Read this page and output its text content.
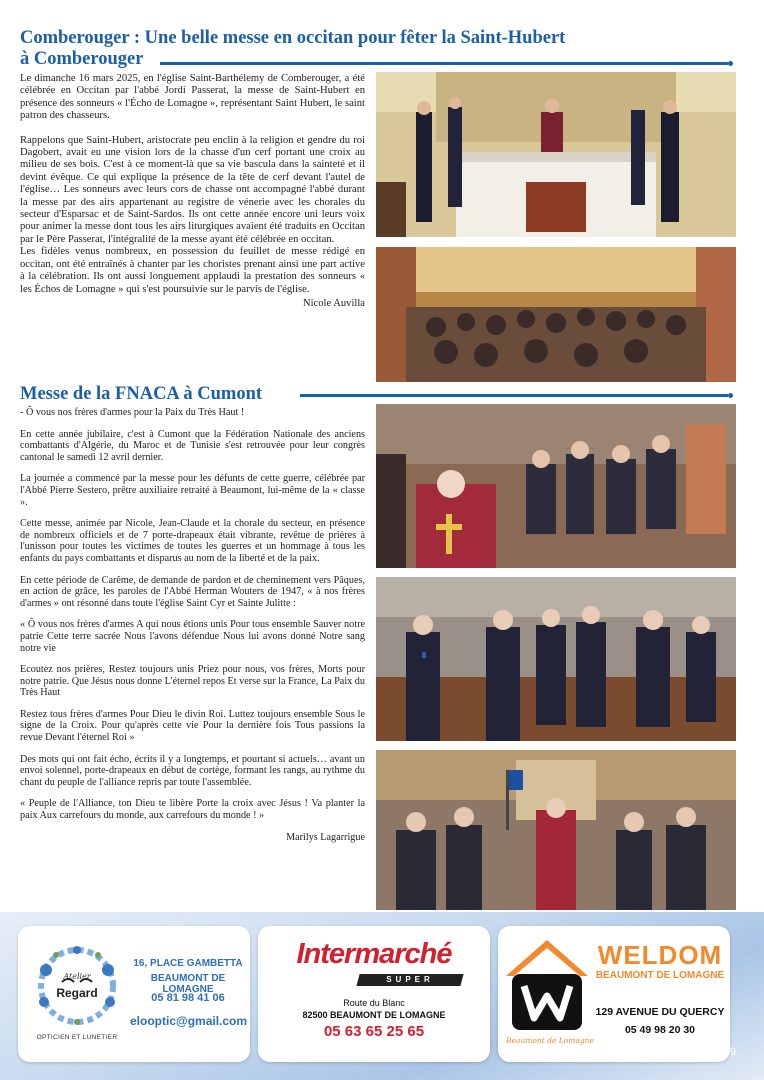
Comberouger : Une belle messe en occitan pour fêter la Saint-Hubert
à Comberouger

Le dimanche 16 mars 2025, en l'église Saint-Barthélemy de Comberouger, a été célébrée en Occitan par l'abbé Jordi Passerat, la messe de Saint-Hubert en présence des sonneurs « l'Écho de Lomagne », représentant Saint Hubert, le saint patron des chasseurs.

Rappelons que Saint-Hubert, aristocrate peu enclin à la religion et gendre du roi Dagobert, avait eu une vision lors de la chasse d'un cerf portant une croix au milieu de ses bois. C'est à ce moment-là que sa vie bascula dans la sainteté et il devint évêque. Ce qui explique la présence de la tête de cerf devant l'autel de l'église… Les sonneurs avec leurs cors de chasse ont accompagné l'abbé durant la messe par des airs appartenant au registre de vénerie avec les chorales du secteur d'Esparsac et de Saint-Sardos. Ils ont cette année encore uni leurs voix pour animer la messe dont tous les airs liturgiques avaient été traduits en Occitan par le Père Passerat, l'intégralité de la messe ayant été célébrée en occitan.

Les fidèles venus nombreux, en possession du feuillet de messe rédigé en occitan, ont été entraînés à chanter par les choristes prenant ainsi une part active à la célébration. Ils ont aussi longuement applaudi la prestation des sonneurs « les Échos de Lomagne » qui s'est poursuivie sur le parvis de l'église.

Nicole Auvilla

Messe de la FNACA à Cumont

- Ô vous nos frères d'armes pour la Paix du Très Haut !

En cette année jubilaire, c'est à Cumont que la Fédération Nationale des anciens combattants d'Algérie, du Maroc et de Tunisie s'est retrouvée pour leur congrès cantonal le samedi 12 avril dernier.

La journée a commencé par la messe pour les défunts de cette guerre, célébrée par l'Abbé Pierre Sestero, prêtre auxiliaire retraité à Beaumont, lui-même de la « classe ».

Cette messe, animée par Nicole, Jean-Claude et la chorale du secteur, en présence de nombreux officiels et de 7 porte-drapeaux était vibrante, revêtue de prières à l'unisson pour toutes les victimes de toutes les guerres et un hommage à tous les enfants du pays combattants et disparus au nom de la liberté et de la paix.

En cette période de Carême, de demande de pardon et de cheminement vers Pâques, en action de grâce, les paroles de l'Abbé Herman Wouters de 1947, « à nos frères d'armes » ont résonné dans toute l'église Saint Cyr et Sainte Julitte :

« Ô vous nos frères d'armes A qui nous étions unis Pour tous ensemble Sauver notre patrie Cette terre sacrée Nous l'avons défendue Nous lui avons donné Notre sang notre vie

Ecoutez nos prières, Restez toujours unis Priez pour nous, vos frères, Morts pour notre patrie. Que Jésus nous donne L'éternel repos Et verse sur la France, La Paix du Très Haut

Restez tous frères d'armes Pour Dieu le divin Roi. Luttez toujours ensemble Sous le signe de la Croix. Pour qu'après cette vie Pour la dernière fois Tous passions la revue Devant l'éternel Roi »

Des mots qui ont fait écho, écrits il y a longtemps, et pourtant si actuels… avant un envoi solennel, porte-drapeaux en début de cortège, formant les rangs, au rythme du chant du peuple de l'alliance repris par toute l'assemblée.

« Peuple de l'Alliance, ton Dieu te libère Porte la croix avec Jésus ! Va planter la paix Aux carrefours du monde, aux carrefours du monde ! »

Marilys Lagarrigue

Atelier
Regard
OPTICIEN ET LUNETIER
16, PLACE GAMBETTA
BEAUMONT DE LOMAGNE
05 81 98 41 06
elooptic@gmail.com
Intermarché
SUPER
Route du Blanc
82500 BEAUMONT DE LOMAGNE
05 63 65 25 65
Beaumont de Lomagne
WELDOM
BEAUMONT DE LOMAGNE
129 AVENUE DU QUERCY
05 49 98 20 30
9
